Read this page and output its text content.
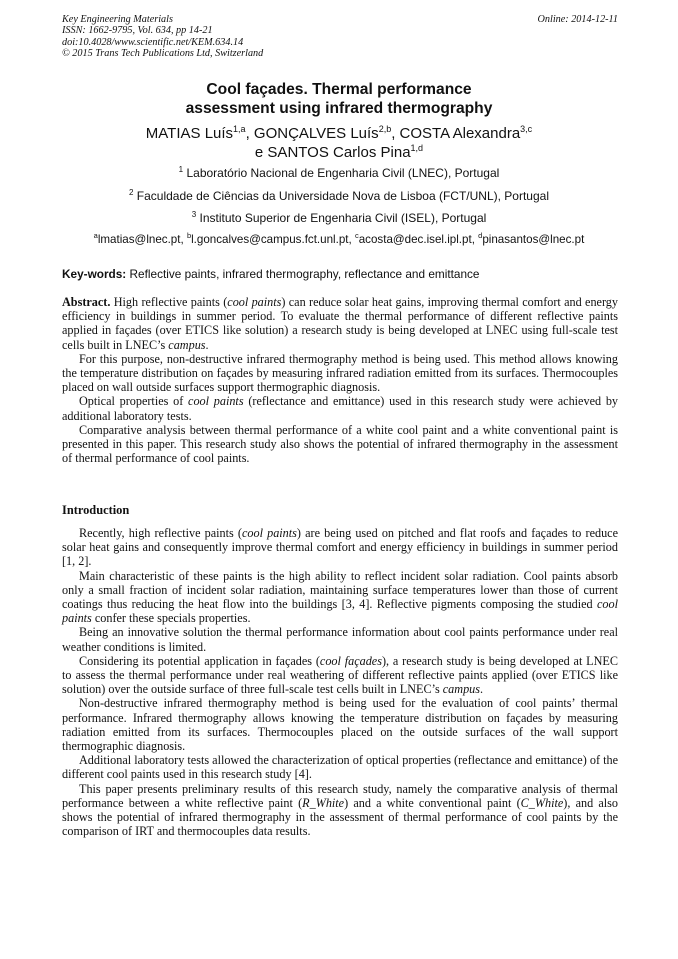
Key Engineering Materials
ISSN: 1662-9795, Vol. 634, pp 14-21
doi:10.4028/www.scientific.net/KEM.634.14
© 2015 Trans Tech Publications Ltd, Switzerland
Online: 2014-12-11
Cool façades. Thermal performance
assessment using infrared thermography
MATIAS Luís$^{1,a}$, GONÇALVES Luís$^{2,b}$, COSTA Alexandra$^{3,c}$
e SANTOS Carlos Pina$^{1,d}$
$^1$ Laboratório Nacional de Engenharia Civil (LNEC), Portugal
$^2$ Faculdade de Ciências da Universidade Nova de Lisboa (FCT/UNL), Portugal
$^3$ Instituto Superior de Engenharia Civil (ISEL), Portugal
$^a$lmatias@lnec.pt, $^b$l.goncalves@campus.fct.unl.pt, $^c$acosta@dec.isel.ipl.pt, $^d$pinasantos@lnec.pt
Key-words: Reflective paints, infrared thermography, reflectance and emittance

Abstract. High reflective paints (cool paints) can reduce solar heat gains, improving thermal comfort and energy efficiency in buildings in summer period. To evaluate the thermal performance of different reflective paints applied in façades (over ETICS like solution) a research study is being developed at LNEC using full-scale test cells built in LNEC’s campus.

For this purpose, non-destructive infrared thermography method is being used. This method allows knowing the temperature distribution on façades by measuring infrared radiation emitted from its surfaces. Thermocouples placed on wall outside surfaces support thermographic diagnosis.

Optical properties of cool paints (reflectance and emittance) used in this research study were achieved by additional laboratory tests.

Comparative analysis between thermal performance of a white cool paint and a white conventional paint is presented in this paper. This research study also shows the potential of infrared thermography in the assessment of thermal performance of cool paints.

Introduction

Recently, high reflective paints (cool paints) are being used on pitched and flat roofs and façades to reduce solar heat gains and consequently improve thermal comfort and energy efficiency in buildings in summer period [1, 2].

Main characteristic of these paints is the high ability to reflect incident solar radiation. Cool paints absorb only a small fraction of incident solar radiation, maintaining surface temperatures lower than those of current coatings thus reducing the heat flow into the buildings [3, 4]. Reflective pigments composing the studied cool paints confer these specials properties.

Being an innovative solution the thermal performance information about cool paints performance under real weather conditions is limited.

Considering its potential application in façades (cool façades), a research study is being developed at LNEC to assess the thermal performance under real weathering of different reflective paints applied (over ETICS like solution) over the outside surface of three full-scale test cells built in LNEC’s campus.

Non-destructive infrared thermography method is being used for the evaluation of cool paints’ thermal performance. Infrared thermography allows knowing the temperature distribution on façades by measuring radiation emitted from its surfaces. Thermocouples placed on the outside surfaces of the wall support thermographic diagnosis.

Additional laboratory tests allowed the characterization of optical properties (reflectance and emittance) of the different cool paints used in this research study [4].

This paper presents preliminary results of this research study, namely the comparative analysis of thermal performance between a white reflective paint (R_White) and a white conventional paint (C_White), and also shows the potential of infrared thermography in the assessment of thermal performance of cool paints by the comparison of IRT and thermocouples data results.
